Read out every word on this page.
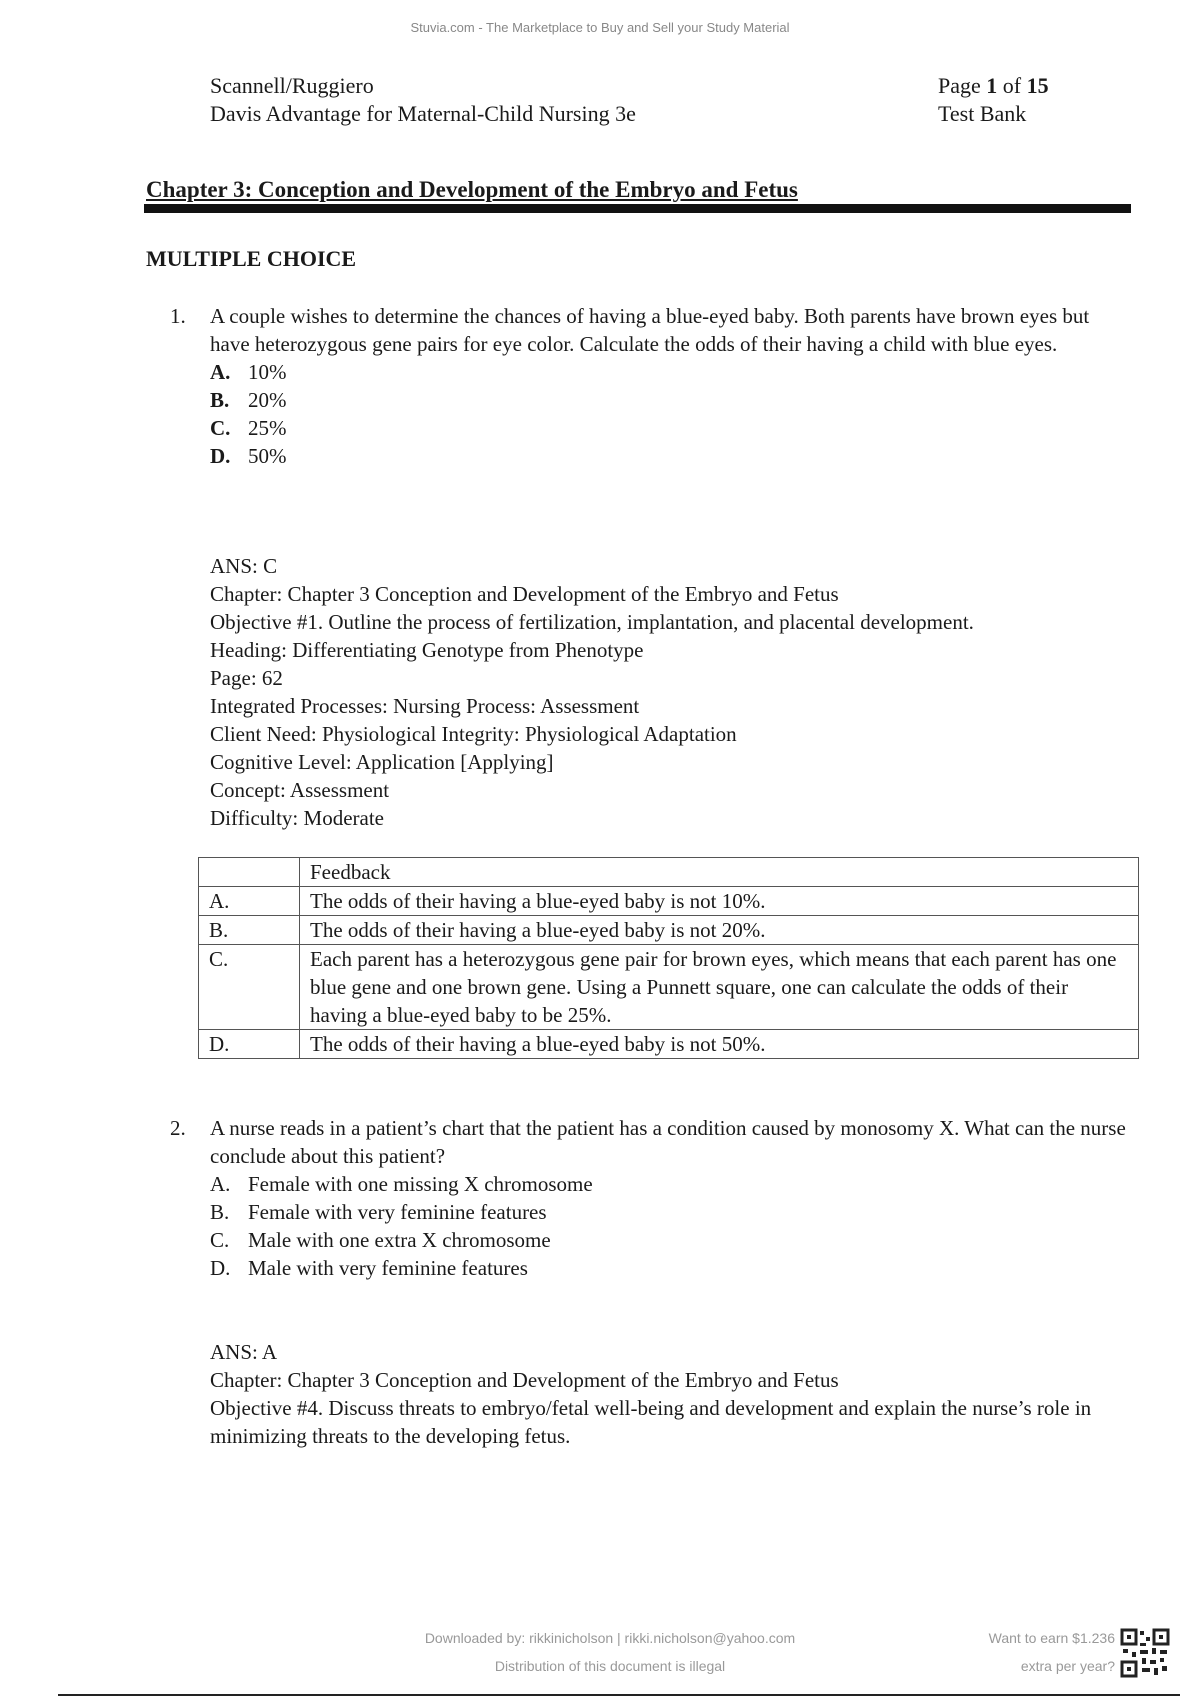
Stuvia.com - The Marketplace to Buy and Sell your Study Material
Scannell/Ruggiero
Davis Advantage for Maternal-Child Nursing 3e
Page 1 of 15
Test Bank
Chapter 3: Conception and Development of the Embryo and Fetus
MULTIPLE CHOICE
1. A couple wishes to determine the chances of having a blue-eyed baby. Both parents have brown eyes but have heterozygous gene pairs for eye color. Calculate the odds of their having a child with blue eyes.
A. 10%
B. 20%
C. 25%
D. 50%
ANS: C
Chapter: Chapter 3 Conception and Development of the Embryo and Fetus
Objective #1. Outline the process of fertilization, implantation, and placental development.
Heading: Differentiating Genotype from Phenotype
Page: 62
Integrated Processes: Nursing Process: Assessment
Client Need: Physiological Integrity: Physiological Adaptation
Cognitive Level: Application [Applying]
Concept: Assessment
Difficulty: Moderate
	Feedback
A.	The odds of their having a blue-eyed baby is not 10%.
B.	The odds of their having a blue-eyed baby is not 20%.
C.	Each parent has a heterozygous gene pair for brown eyes, which means that each parent has one blue gene and one brown gene. Using a Punnett square, one can calculate the odds of their having a blue-eyed baby to be 25%.
D.	The odds of their having a blue-eyed baby is not 50%.
2. A nurse reads in a patient’s chart that the patient has a condition caused by monosomy X. What can the nurse conclude about this patient?
A. Female with one missing X chromosome
B. Female with very feminine features
C. Male with one extra X chromosome
D. Male with very feminine features
ANS: A
Chapter: Chapter 3 Conception and Development of the Embryo and Fetus
Objective #4. Discuss threats to embryo/fetal well-being and development and explain the nurse’s role in minimizing threats to the developing fetus.
Downloaded by: rikkinicholson | rikki.nicholson@yahoo.com
Distribution of this document is illegal
Want to earn $1.236
extra per year?
